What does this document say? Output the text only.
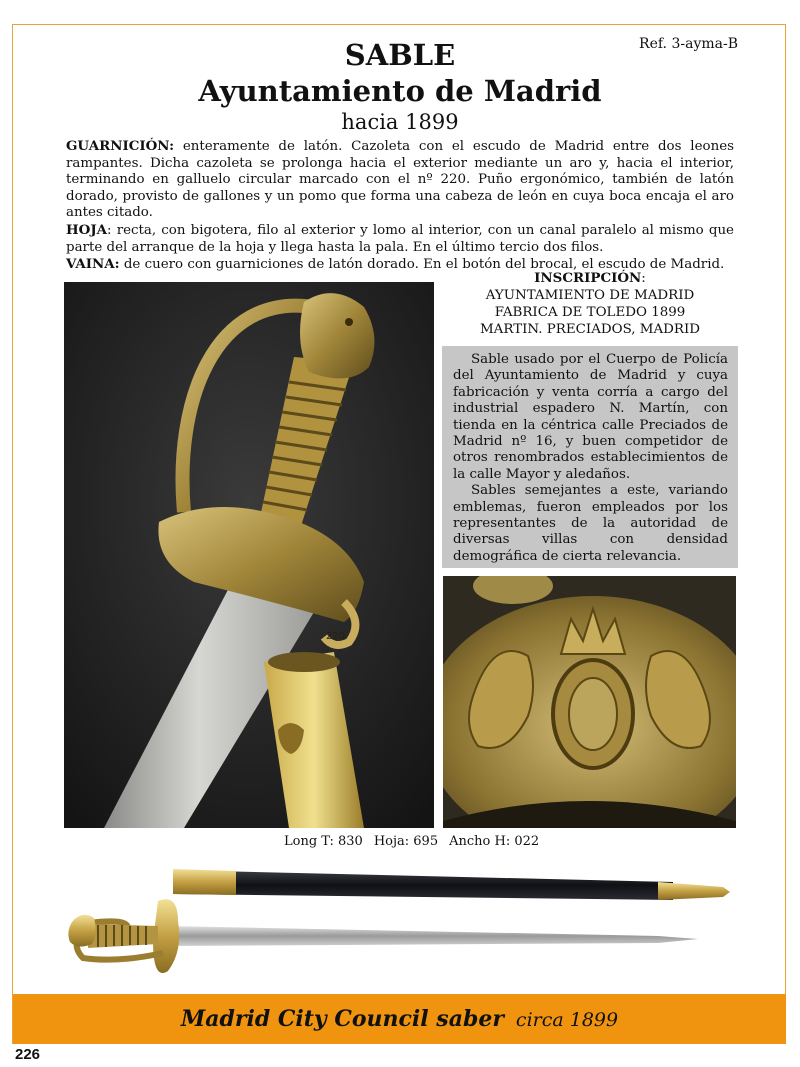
Ref. 3-ayma-B
SABLE
Ayuntamiento de Madrid
hacia 1899

GUARNICIÓN: enteramente de latón. Cazoleta con el escudo de Madrid entre dos leones rampantes. Dicha cazoleta se prolonga hacia el exterior mediante un aro y, hacia el interior, terminando en galluelo circular marcado con el nº 220. Puño ergonómico, también de latón dorado, provisto de gallones y un pomo que forma una cabeza de león en cuya boca encaja el aro antes citado.

HOJA: recta, con bigotera, filo al exterior y lomo al interior, con un canal paralelo al mismo que parte del arranque de la hoja y llega hasta la pala. En el último tercio dos filos.

VAINA: de cuero con guarniciones de latón dorado. En el botón del brocal, el escudo de Madrid.

220
INSCRIPCIÓN:
AYUNTAMIENTO DE MADRID
FABRICA DE TOLEDO 1899
MARTIN. PRECIADOS, MADRID

Sable usado por el Cuerpo de Policía del Ayuntamiento de Madrid y cuya fabricación y venta corría a cargo del industrial espadero N. Martín, con tienda en la céntrica calle Preciados de Madrid nº 16, y buen competidor de otros renombrados establecimientos de la calle Mayor y aledaños.

Sables semejantes a este, variando emblemas, fueron empleados por los representantes de la autoridad de diversas villas con densidad demográfica de cierta relevancia.

Long T: 830 Hoja: 695 Ancho H: 022
Madrid City Council saber circa 1899
226
